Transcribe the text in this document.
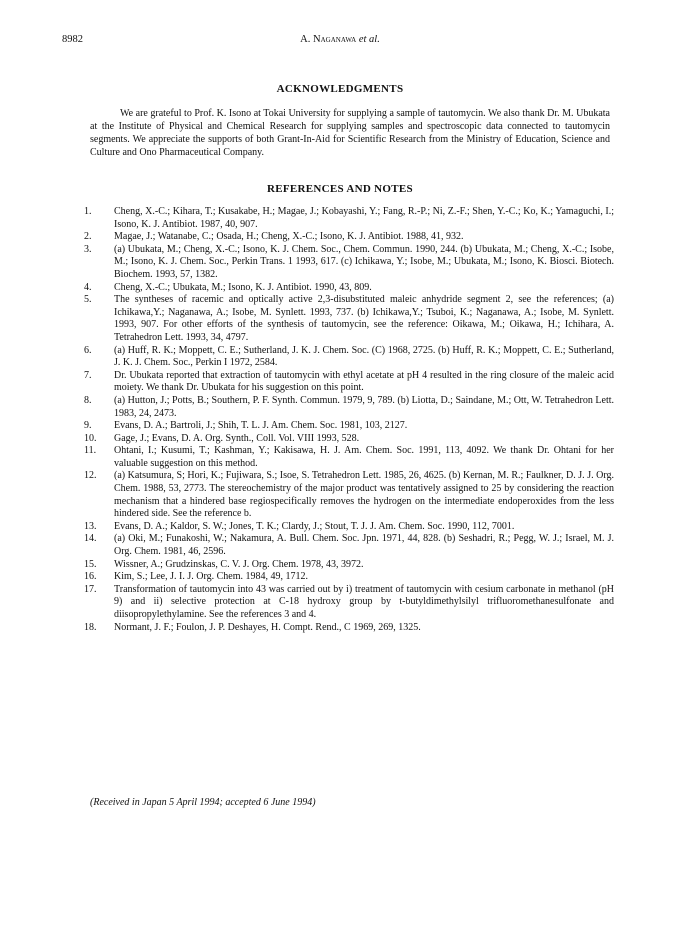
8982	A. Naganawa et al.
ACKNOWLEDGMENTS
We are grateful to Prof. K. Isono at Tokai University for supplying a sample of tautomycin. We also thank Dr. M. Ubukata at the Institute of Physical and Chemical Research for supplying samples and spectroscopic data connected to tautomycin segments. We appreciate the supports of both Grant-In-Aid for Scientific Research from the Ministry of Education, Science and Culture and Ono Pharmaceutical Company.
REFERENCES AND NOTES
1.	Cheng, X.-C.; Kihara, T.; Kusakabe, H.; Magae, J.; Kobayashi, Y.; Fang, R.-P.; Ni, Z.-F.; Shen, Y.-C.; Ko, K.; Yamaguchi, I.; Isono, K. J. Antibiot. 1987, 40, 907.
2.	Magae, J.; Watanabe, C.; Osada, H.; Cheng, X.-C.; Isono, K. J. Antibiot. 1988, 41, 932.
3.	(a) Ubukata, M.; Cheng, X.-C.; Isono, K. J. Chem. Soc., Chem. Commun. 1990, 244. (b) Ubukata, M.; Cheng, X.-C.; Isobe, M.; Isono, K. J. Chem. Soc., Perkin Trans. 1 1993, 617. (c) Ichikawa, Y.; Isobe, M.; Ubukata, M.; Isono, K. Biosci. Biotech. Biochem. 1993, 57, 1382.
4.	Cheng, X.-C.; Ubukata, M.; Isono, K. J. Antibiot. 1990, 43, 809.
5.	The syntheses of racemic and optically active 2,3-disubstituted maleic anhydride segment 2, see the references; (a) Ichikawa,Y.; Naganawa, A.; Isobe, M. Synlett. 1993, 737. (b) Ichikawa,Y.; Tsuboi, K.; Naganawa, A.; Isobe, M. Synlett. 1993, 907. For other efforts of the synthesis of tautomycin, see the reference: Oikawa, M.; Oikawa, H.; Ichihara, A. Tetrahedron Lett. 1993, 34, 4797.
6.	(a) Huff, R. K.; Moppett, C. E.; Sutherland, J. K. J. Chem. Soc. (C) 1968, 2725. (b) Huff, R. K.; Moppett, C. E.; Sutherland, J. K. J. Chem. Soc., Perkin I 1972, 2584.
7.	Dr. Ubukata reported that extraction of tautomycin with ethyl acetate at pH 4 resulted in the ring closure of the maleic acid moiety. We thank Dr. Ubukata for his suggestion on this point.
8.	(a) Hutton, J.; Potts, B.; Southern, P. F. Synth. Commun. 1979, 9, 789. (b) Liotta, D.; Saindane, M.; Ott, W. Tetrahedron Lett. 1983, 24, 2473.
9.	Evans, D. A.; Bartroli, J.; Shih, T. L. J. Am. Chem. Soc. 1981, 103, 2127.
10.	Gage, J.; Evans, D. A. Org. Synth., Coll. Vol. VIII 1993, 528.
11.	Ohtani, I.; Kusumi, T.; Kashman, Y.; Kakisawa, H. J. Am. Chem. Soc. 1991, 113, 4092. We thank Dr. Ohtani for her valuable suggestion on this method.
12.	(a) Katsumura, S; Hori, K.; Fujiwara, S.; Isoe, S. Tetrahedron Lett. 1985, 26, 4625. (b) Kernan, M. R.; Faulkner, D. J. J. Org. Chem. 1988, 53, 2773. The stereochemistry of the major product was tentatively assigned to 25 by considering the reaction mechanism that a hindered base regiospecifically removes the hydrogen on the intermediate endoperoxides from the less hindered side. See the reference b.
13.	Evans, D. A.; Kaldor, S. W.; Jones, T. K.; Clardy, J.; Stout, T. J. J. Am. Chem. Soc. 1990, 112, 7001.
14.	(a) Oki, M.; Funakoshi, W.; Nakamura, A. Bull. Chem. Soc. Jpn. 1971, 44, 828. (b) Seshadri, R.; Pegg, W. J.; Israel, M. J. Org. Chem. 1981, 46, 2596.
15.	Wissner, A.; Grudzinskas, C. V. J. Org. Chem. 1978, 43, 3972.
16.	Kim, S.; Lee, J. I. J. Org. Chem. 1984, 49, 1712.
17.	Transformation of tautomycin into 43 was carried out by i) treatment of tautomycin with cesium carbonate in methanol (pH 9) and ii) selective protection at C-18 hydroxy group by t-butyldimethylsilyl trifluoromethanesulfonate and diisopropylethylamine. See the references 3 and 4.
18.	Normant, J. F.; Foulon, J. P. Deshayes, H. Compt. Rend., C 1969, 269, 1325.
(Received in Japan 5 April 1994; accepted 6 June 1994)
